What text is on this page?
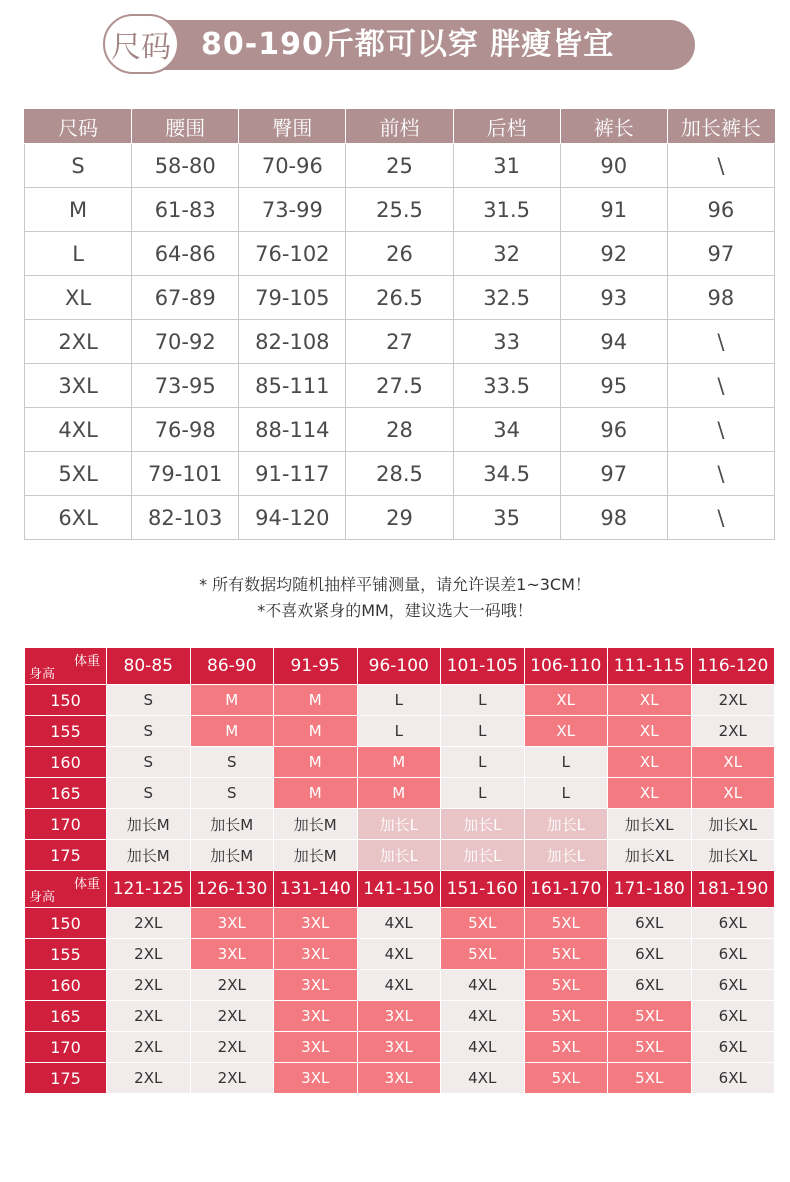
尺码 80-190斤都可以穿 胖瘦皆宜
尺码	腰围	臀围	前档	后档	裤长	加长裤长
S	58-80	70-96	25	31	90	\
M	61-83	73-99	25.5	31.5	91	96
L	64-86	76-102	26	32	92	97
XL	67-89	79-105	26.5	32.5	93	98
2XL	70-92	82-108	27	33	94	\
3XL	73-95	85-111	27.5	33.5	95	\
4XL	76-98	88-114	28	34	96	\
5XL	79-101	91-117	28.5	34.5	97	\
6XL	82-103	94-120	29	35	98	\
* 所有数据均随机抽样平铺测量，请允许误差1~3CM！
*不喜欢紧身的MM，建议选大一码哦！
体重
身高	80-85	86-90	91-95	96-100	101-105	106-110	111-115	116-120
150	S	M	M	L	L	XL	XL	2XL
155	S	M	M	L	L	XL	XL	2XL
160	S	S	M	M	L	L	XL	XL
165	S	S	M	M	L	L	XL	XL
170	加长M	加长M	加长M	加长L	加长L	加长L	加长XL	加长XL
175	加长M	加长M	加长M	加长L	加长L	加长L	加长XL	加长XL

体重
身高	121-125	126-130	131-140	141-150	151-160	161-170	171-180	181-190
150	2XL	3XL	3XL	4XL	5XL	5XL	6XL	6XL
155	2XL	3XL	3XL	4XL	5XL	5XL	6XL	6XL
160	2XL	2XL	3XL	4XL	4XL	5XL	6XL	6XL
165	2XL	2XL	3XL	3XL	4XL	5XL	5XL	6XL
170	2XL	2XL	3XL	3XL	4XL	5XL	5XL	6XL
175	2XL	2XL	3XL	3XL	4XL	5XL	5XL	6XL
